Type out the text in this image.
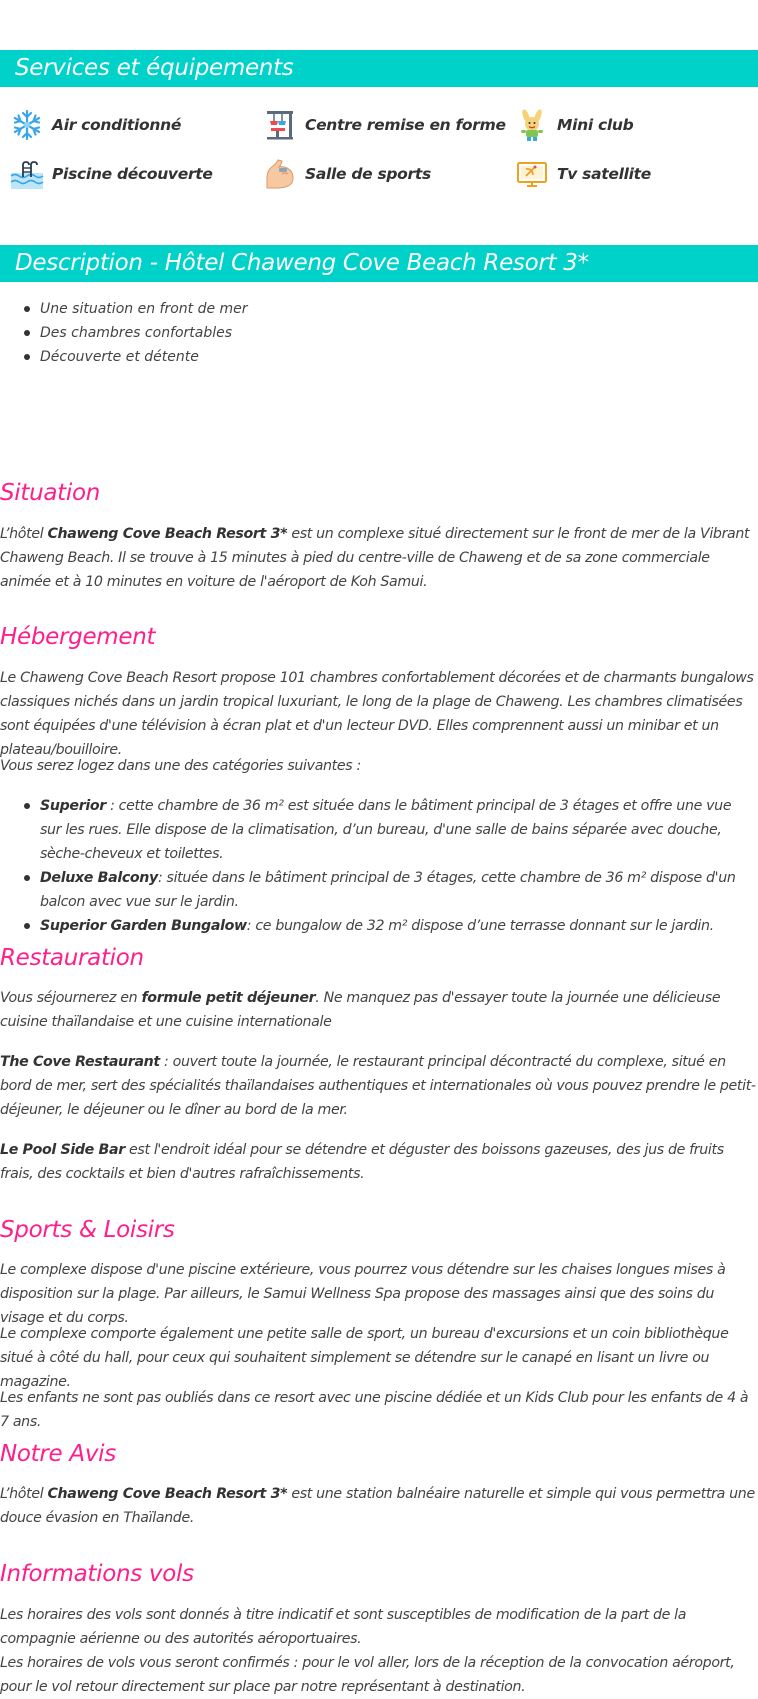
Services et équipements
Air conditionné	Centre remise en forme	Mini club
Piscine découverte	Salle de sports	Tv satellite
Description - Hôtel Chaweng Cove Beach Resort 3*
Une situation en front de mer
Des chambres confortables
Découverte et détente
Situation

L’hôtel Chaweng Cove Beach Resort 3* est un complexe situé directement sur le front de mer de la Vibrant Chaweng Beach. Il se trouve à 15 minutes à pied du centre-ville de Chaweng et de sa zone commerciale animée et à 10 minutes en voiture de l'aéroport de Koh Samui.

Hébergement

Le Chaweng Cove Beach Resort propose 101 chambres confortablement décorées et de charmants bungalows classiques nichés dans un jardin tropical luxuriant, le long de la plage de Chaweng. Les chambres climatisées sont équipées d'une télévision à écran plat et d'un lecteur DVD. Elles comprennent aussi un minibar et un plateau/bouilloire.

Vous serez logez dans une des catégories suivantes :

Superior : cette chambre de 36 m² est située dans le bâtiment principal de 3 étages et offre une vue sur les rues. Elle dispose de la climatisation, d’un bureau, d'une salle de bains séparée avec douche, sèche-cheveux et toilettes.
Deluxe Balcony: située dans le bâtiment principal de 3 étages, cette chambre de 36 m² dispose d'un balcon avec vue sur le jardin.
Superior Garden Bungalow: ce bungalow de 32 m² dispose d’une terrasse donnant sur le jardin.
Restauration

Vous séjournerez en formule petit déjeuner. Ne manquez pas d'essayer toute la journée une délicieuse cuisine thaïlandaise et une cuisine internationale

The Cove Restaurant : ouvert toute la journée, le restaurant principal décontracté du complexe, situé en bord de mer, sert des spécialités thaïlandaises authentiques et internationales où vous pouvez prendre le petit-déjeuner, le déjeuner ou le dîner au bord de la mer.

Le Pool Side Bar est l'endroit idéal pour se détendre et déguster des boissons gazeuses, des jus de fruits frais, des cocktails et bien d'autres rafraîchissements.

Sports & Loisirs

Le complexe dispose d'une piscine extérieure, vous pourrez vous détendre sur les chaises longues mises à disposition sur la plage. Par ailleurs, le Samui Wellness Spa propose des massages ainsi que des soins du visage et du corps.

Le complexe comporte également une petite salle de sport, un bureau d'excursions et un coin bibliothèque situé à côté du hall, pour ceux qui souhaitent simplement se détendre sur le canapé en lisant un livre ou magazine.

Les enfants ne sont pas oubliés dans ce resort avec une piscine dédiée et un Kids Club pour les enfants de 4 à 7 ans.

Notre Avis

L’hôtel Chaweng Cove Beach Resort 3* est une station balnéaire naturelle et simple qui vous permettra une douce évasion en Thaïlande.

Informations vols

Les horaires des vols sont donnés à titre indicatif et sont susceptibles de modification de la part de la compagnie aérienne ou des autorités aéroportuaires.

Les horaires de vols vous seront confirmés : pour le vol aller, lors de la réception de la convocation aéroport, pour le vol retour directement sur place par notre représentant à destination.
